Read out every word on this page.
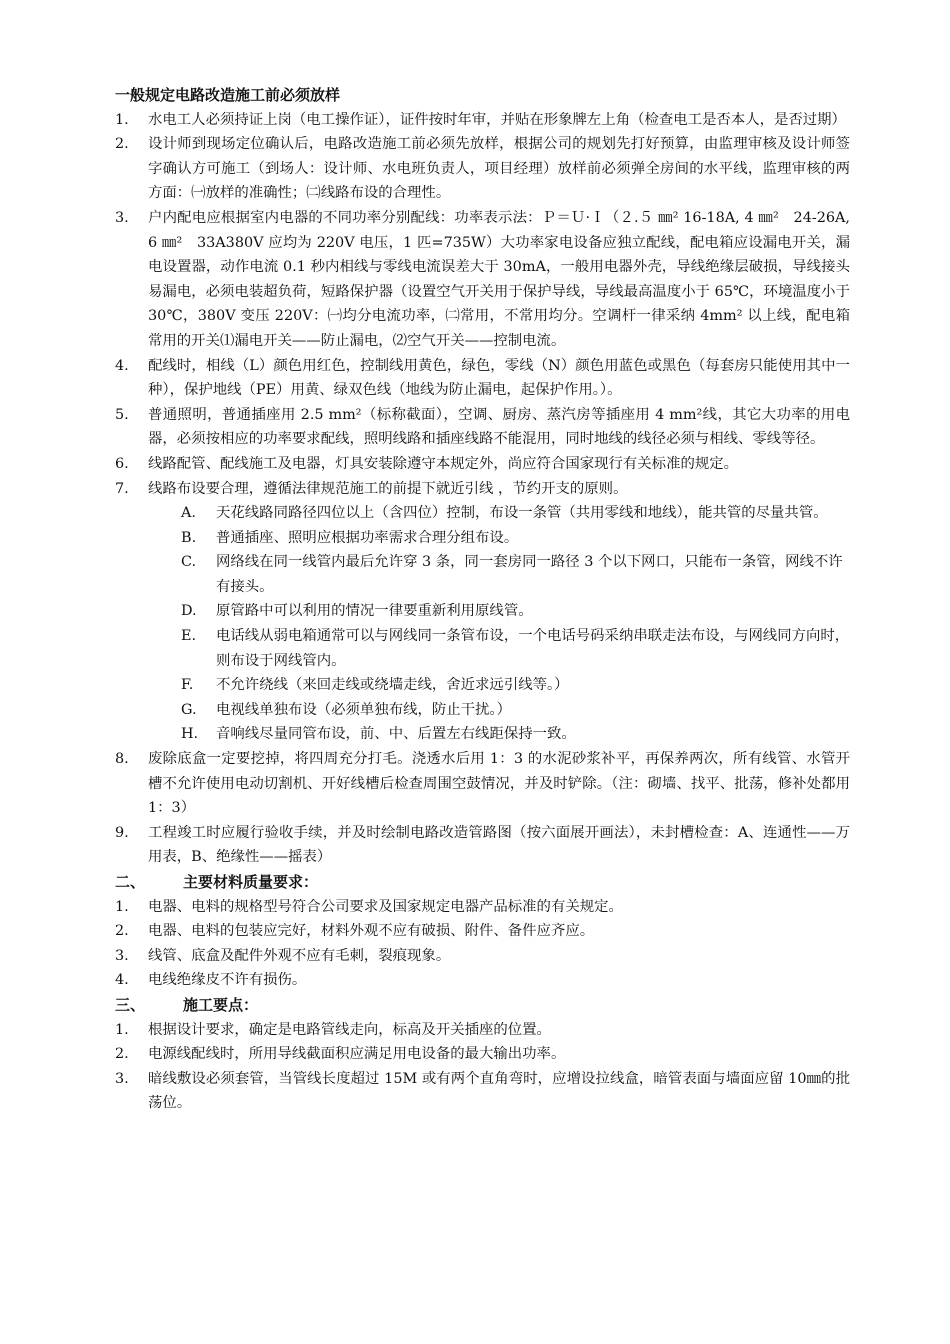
一般规定电路改造施工前必须放样
1.	水电工人必须持证上岗（电工操作证），证件按时年审，并贴在形象牌左上角（检查电工是否本人，是否过期）
2.	设计师到现场定位确认后，电路改造施工前必须先放样，根据公司的规划先打好预算，由监理审核及设计师签字确认方可施工（到场人：设计师、水电班负责人，项目经理）放样前必须弹全房间的水平线，监理审核的两方面：㈠放样的准确性；㈡线路布设的合理性。
3.	户内配电应根据室内电器的不同功率分别配线：功率表示法：Ｐ＝Ｕ·Ｉ（２.５ ㎜² 16-18A, 4 ㎜²　24-26A, 6 ㎜²　33A380V 应均为 220V 电压，1 匹=735W）大功率家电设备应独立配线，配电箱应设漏电开关，漏电设置器，动作电流 0.1 秒内相线与零线电流误差大于 30mA，一般用电器外壳，导线绝缘层破损，导线接头易漏电，必须电装超负荷，短路保护器（设置空气开关用于保护导线，导线最高温度小于 65℃，环境温度小于 30℃，380V 变压 220V：㈠均分电流功率，㈡常用，不常用均分。空调杆一律采纳 4mm² 以上线，配电箱常用的开关⑴漏电开关——防止漏电，⑵空气开关——控制电流。
4.	配线时，相线（L）颜色用红色，控制线用黄色，绿色，零线（N）颜色用蓝色或黑色（每套房只能使用其中一种），保护地线（PE）用黄、绿双色线（地线为防止漏电，起保护作用。）。
5.	普通照明，普通插座用 2.5 mm²（标称截面），空调、厨房、蒸汽房等插座用 4 mm²线，其它大功率的用电器，必须按相应的功率要求配线，照明线路和插座线路不能混用，同时地线的线径必须与相线、零线等径。
6.	线路配管、配线施工及电器，灯具安装除遵守本规定外，尚应符合国家现行有关标准的规定。
7.	线路布设要合理，遵循法律规范施工的前提下就近引线 ，节约开支的原则。
A.	天花线路同路径四位以上（含四位）控制，布设一条管（共用零线和地线），能共管的尽量共管。
B.	普通插座、照明应根据功率需求合理分组布设。
C.	网络线在同一线管内最后允许穿 3 条，同一套房同一路径 3 个以下网口，只能布一条管，网线不许有接头。
D.	原管路中可以利用的情况一律要重新利用原线管。
E.	电话线从弱电箱通常可以与网线同一条管布设，一个电话号码采纳串联走法布设，与网线同方向时，则布设于网线管内。
F.	不允许绕线（来回走线或绕墙走线，舍近求远引线等。）
G.	电视线单独布设（必须单独布线，防止干扰。）
H.	音响线尽量同管布设，前、中、后置左右线距保持一致。
8.	废除底盒一定要挖掉，将四周充分打毛。浇透水后用 1：3 的水泥砂浆补平，再保养两次，所有线管、水管开槽不允许使用电动切割机、开好线槽后检查周围空鼓情况，并及时铲除。（注：砌墙、找平、批荡，修补处都用 1：3）
9.	工程竣工时应履行验收手续，并及时绘制电路改造管路图（按六面展开画法），未封槽检查：A、连通性——万用表，B、绝缘性——摇表）
二、	主要材料质量要求：
1.	电器、电料的规格型号符合公司要求及国家规定电器产品标准的有关规定。
2.	电器、电料的包装应完好，材料外观不应有破损、附件、备件应齐应。
3.	线管、底盒及配件外观不应有毛刺，裂痕现象。
4.	电线绝缘皮不许有损伤。
三、	施工要点：
1.	根据设计要求，确定是电路管线走向，标高及开关插座的位置。
2.	电源线配线时，所用导线截面积应满足用电设备的最大输出功率。
3.	暗线敷设必须套管，当管线长度超过 15M 或有两个直角弯时，应增设拉线盒，暗管表面与墙面应留 10㎜的批荡位。
